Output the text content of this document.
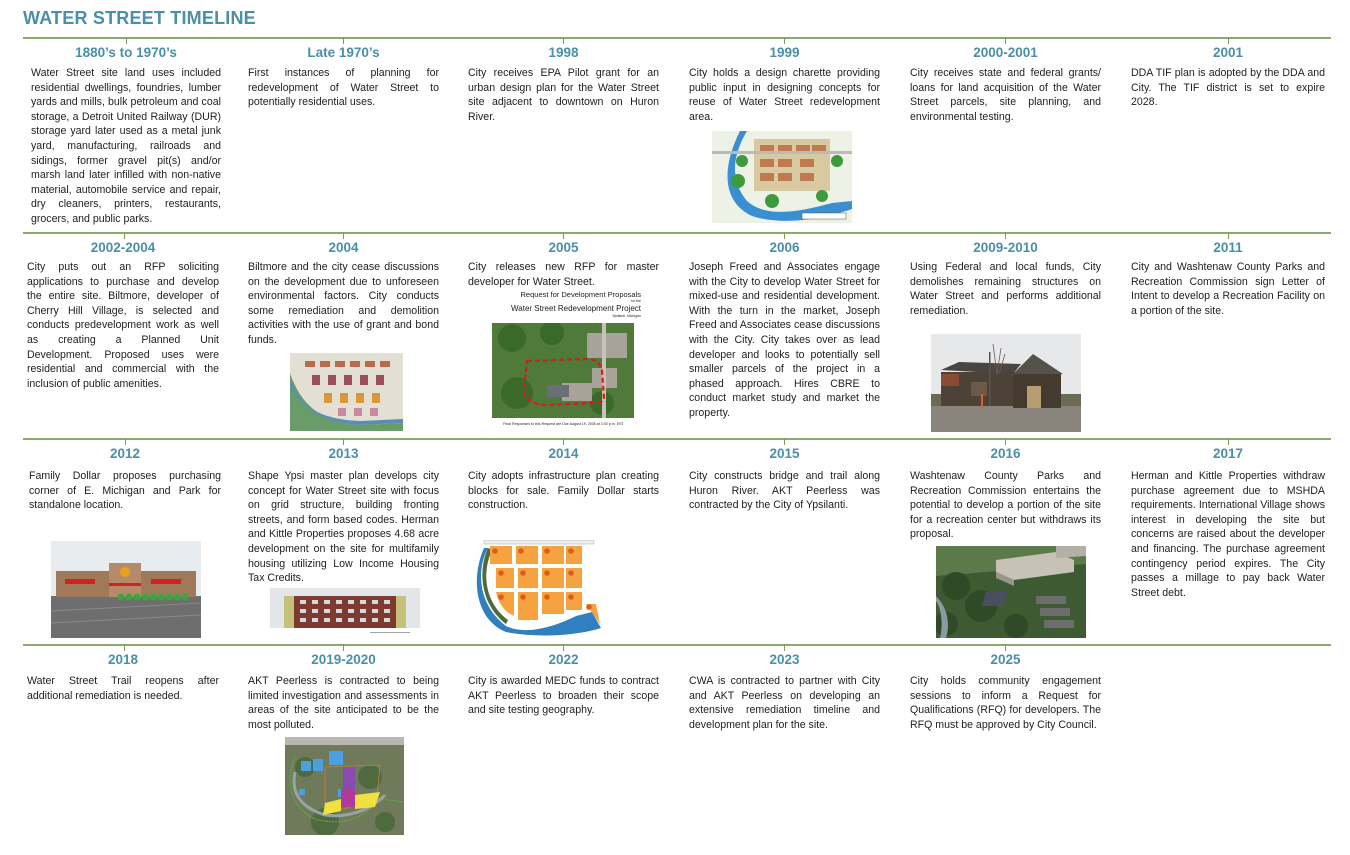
WATER STREET TIMELINE
1880’s to 1970’s
Water Street site land uses included residential dwellings, foundries, lumber yards and mills, bulk petroleum and coal storage, a Detroit United Railway (DUR) storage yard later used as a metal junk yard, manufacturing, railroads and sidings, former gravel pit(s) and/or marsh land later infilled with non-native material, automobile service and repair, dry cleaners, printers, restaurants, grocers, and public parks.
Late 1970’s
First instances of planning for redevelopment of Water Street to potentially residential uses.
1998
City receives EPA Pilot grant for an urban design plan for the Water Street site adjacent to downtown on Huron River.
1999
City holds a design charette providing public input in designing concepts for reuse of Water Street redevelopment area.
2000-2001
City receives state and federal grants/ loans for land acquisition of the Water Street parcels, site planning, and environmental testing.
2001
DDA TIF plan is adopted by the DDA and City. The TIF district is set to expire 2028.
2002-2004
City puts out an RFP soliciting applications to purchase and develop the entire site. Biltmore, developer of Cherry Hill Village, is selected and conducts predevelopment work as well as creating a Planned Unit Development. Proposed uses were residential and commercial with the inclusion of public amenities.
2004
Biltmore and the city cease discussions on the development due to unforeseen environmental factors. City conducts some remediation and demolition activities with the use of grant and bond funds.
2005
City releases new RFP for master developer for Water Street.
Request for Development Proposals
for the
Water Street Redevelopment Project
Ypsilanti, Michigan
Final Responses to this Request are Due August 19, 2005 at 3:00 p.m. EST
2006
Joseph Freed and Associates engage with the City to develop Water Street for mixed-use and residential development. With the turn in the market, Joseph Freed and Associates cease discussions with the City. City takes over as lead developer and looks to potentially sell smaller parcels of the project in a phased approach. Hires CBRE to conduct market study and market the property.
2009-2010
Using Federal and local funds, City demolishes remaining structures on Water Street and performs additional remediation.
2011
City and Washtenaw County Parks and Recreation Commission sign Letter of Intent to develop a Recreation Facility on a portion of the site.
2012
Family Dollar proposes purchasing corner of E. Michigan and Park for standalone location.
2013
Shape Ypsi master plan develops city concept for Water Street site with focus on grid structure, building fronting streets, and form based codes. Herman and Kittle Properties proposes 4.68 acre development on the site for multifamily housing utilizing Low Income Housing Tax Credits.
2014
City adopts infrastructure plan creating blocks for sale. Family Dollar starts construction.
2015
City constructs bridge and trail along Huron River. AKT Peerless was contracted by the City of Ypsilanti.
2016
Washtenaw County Parks and Recreation Commission entertains the potential to develop a portion of the site for a recreation center but withdraws its proposal.
2017
Herman and Kittle Properties withdraw purchase agreement due to MSHDA requirements. International Village shows interest in developing the site but concerns are raised about the developer and financing. The purchase agreement contingency period expires. The City passes a millage to pay back Water Street debt.
2018
Water Street Trail reopens after additional remediation is needed.
2019-2020
AKT Peerless is contracted to being limited investigation and assessments in areas of the site anticipated to be the most polluted.
2022
City is awarded MEDC funds to contract AKT Peerless to broaden their scope and site testing geography.
2023
CWA is contracted to partner with City and AKT Peerless on developing an extensive remediation timeline and development plan for the site.
2025
City holds community engagement sessions to inform a Request for Qualifications (RFQ) for developers. The RFQ must be approved by City Council.
